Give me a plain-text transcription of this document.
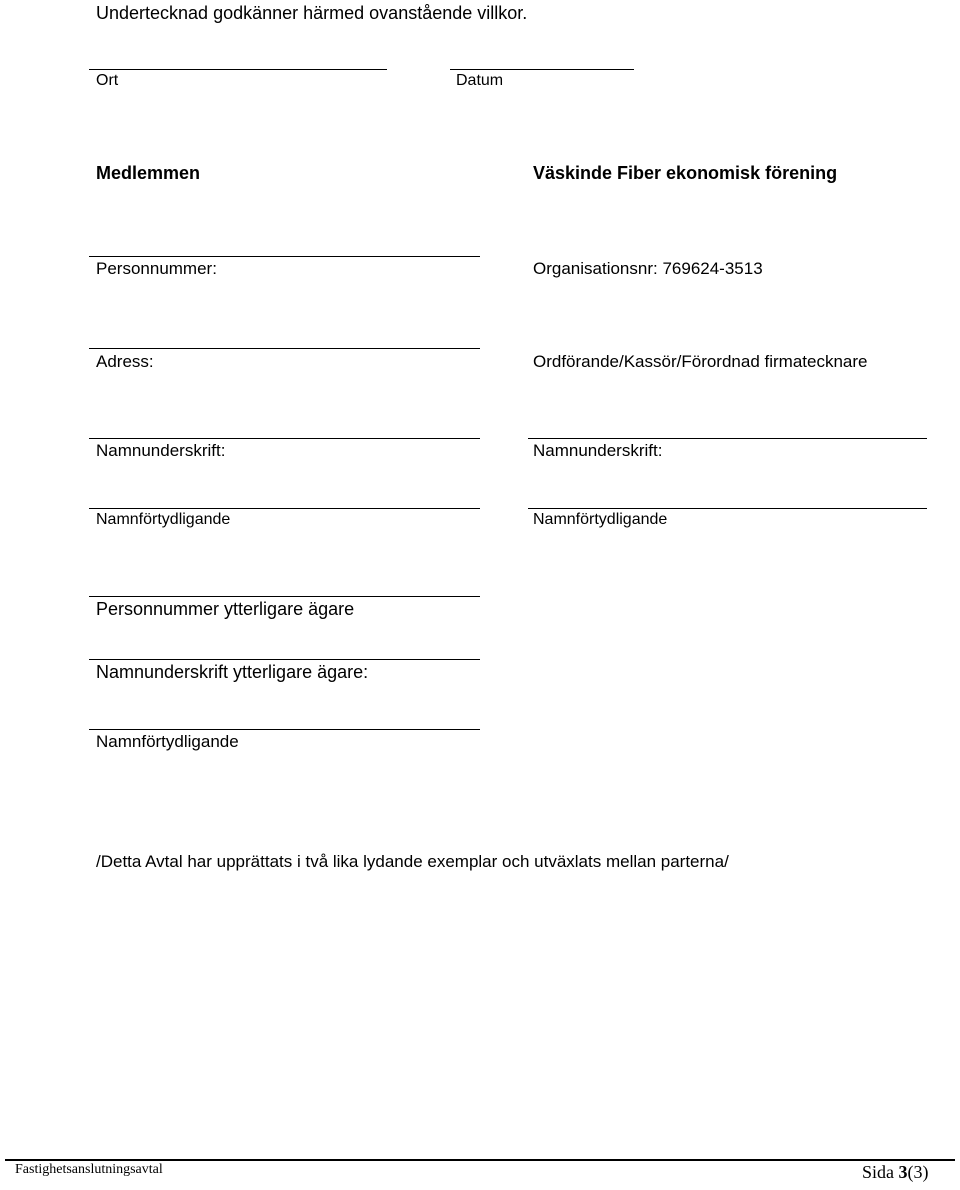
Undertecknad godkänner härmed ovanstående villkor.

Ort	Datum

Medlemmen	Väskinde Fiber ekonomisk förening

Personnummer:	Organisationsnr: 769624-3513

Adress:	Ordförande/Kassör/Förordnad firmatecknare

Namnunderskrift:	Namnunderskrift:

Namnförtydligande	Namnförtydligande

Personnummer ytterligare ägare

Namnunderskrift ytterligare ägare:

Namnförtydligande

/Detta Avtal har upprättats i två lika lydande exemplar och utväxlats mellan parterna/

Fastighetsanslutningsavtal	Sida 3(3)
